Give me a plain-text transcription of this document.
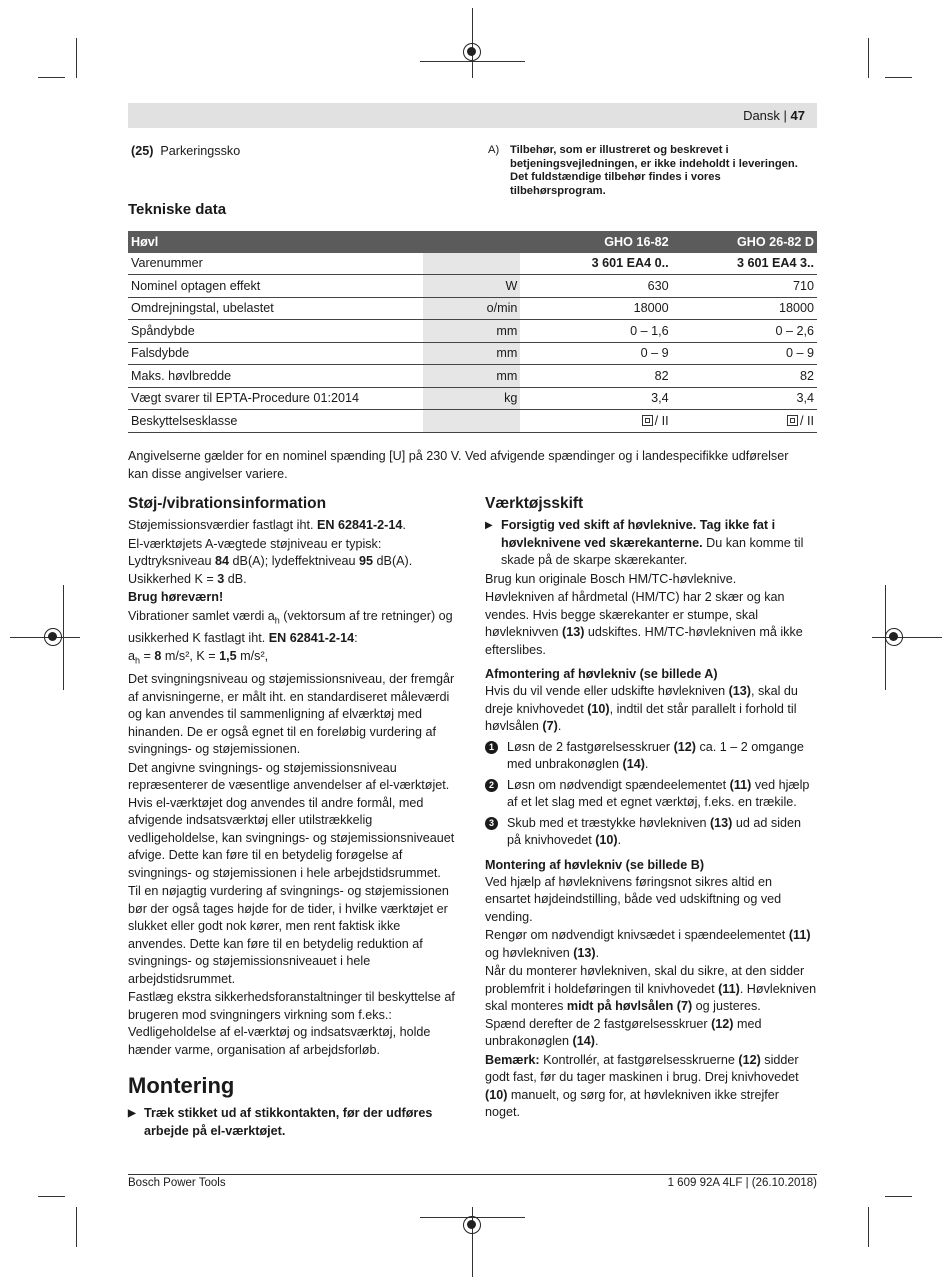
Dansk | 47
(25) Parkeringssko	A) Tilbehør, som er illustreret og beskrevet i betjeningsvejledningen, er ikke indeholdt i leveringen. Det fuldstændige tilbehør findes i vores tilbehørsprogram.
Tekniske data
Høvl		GHO 16-82	GHO 26-82 D
Varenummer		3 601 EA4 0..	3 601 EA4 3..
Nominel optagen effekt	W	630	710
Omdrejningstal, ubelastet	o/min	18000	18000
Spåndybde	mm	0 – 1,6	0 – 2,6
Falsdybde	mm	0 – 9	0 – 9
Maks. høvlbredde	mm	82	82
Vægt svarer til EPTA-Procedure 01:2014	kg	3,4	3,4
Beskyttelsesklasse		/ II	/ II
Angivelserne gælder for en nominel spænding [U] på 230 V. Ved afvigende spændinger og i landespecifikke udførelser kan disse angivelser variere.
Støj-/vibrationsinformation

Støjemissionsværdier fastlagt iht. EN 62841-2-14.

El-værktøjets A-vægtede støjniveau er typisk: Lydtryksniveau 84 dB(A); lydeffektniveau 95 dB(A). Usikkerhed K = 3 dB.

Brug høreværn!

Vibrationer samlet værdi $a_h$ (vektorsum af tre retninger) og usikkerhed K fastlagt iht. EN 62841-2-14:

$a_h = 8$ m/s², K = 1,5 m/s²,

Det svingningsniveau og støjemissionsniveau, der fremgår af anvisningerne, er målt iht. en standardiseret måleværdi og kan anvendes til sammenligning af elværktøj med hinanden. De er også egnet til en foreløbig vurdering af svingnings- og støjemissionen.

Det angivne svingnings- og støjemissionsniveau repræsenterer de væsentlige anvendelser af el-værktøjet. Hvis el-værktøjet dog anvendes til andre formål, med afvigende indsatsværktøj eller utilstrækkelig vedligeholdelse, kan svingnings- og støjemissionsniveauet afvige. Dette kan føre til en betydelig forøgelse af svingnings- og støjemissionen i hele arbejdstidsrummet.

Til en nøjagtig vurdering af svingnings- og støjemissionen bør der også tages højde for de tider, i hvilke værktøjet er slukket eller godt nok kører, men rent faktisk ikke anvendes. Dette kan føre til en betydelig reduktion af svingnings- og støjemissionsniveauet i hele arbejdstidsrummet.

Fastlæg ekstra sikkerhedsforanstaltninger til beskyttelse af brugeren mod svingningers virkning som f.eks.: Vedligeholdelse af el-værktøj og indsatsværktøj, holde hænder varme, organisation af arbejdsforløb.

Montering
▶ Træk stikket ud af stikkontakten, før der udføres arbejde på el-værktøjet.
Værktøjsskift
▶ Forsigtig ved skift af høvleknive. Tag ikke fat i høvleknivene ved skærekanterne. Du kan komme til skade på de skarpe skærekanter.

Brug kun originale Bosch HM/TC-høvleknive.

Høvlekniven af hårdmetal (HM/TC) har 2 skær og kan vendes. Hvis begge skærekanter er stumpe, skal høvleknivven (13) udskiftes. HM/TC-høvlekniven må ikke efterslibes.

Afmontering af høvlekniv (se billede A)

Hvis du vil vende eller udskifte høvlekniven (13), skal du dreje knivhovedet (10), indtil det står parallelt i forhold til høvlsålen (7).

1	Løsn de 2 fastgørelsesskruer (12) ca. 1 – 2 omgange med unbrakonøglen (14).
2	Løsn om nødvendigt spændeelementet (11) ved hjælp af et let slag med et egnet værktøj, f.eks. en trækile.
3	Skub med et træstykke høvlekniven (13) ud ad siden på knivhovedet (10).
Montering af høvlekniv (se billede B)

Ved hjælp af høvleknivens føringsnot sikres altid en ensartet højdeindstilling, både ved udskiftning og ved vending.

Rengør om nødvendigt knivsædet i spændeelementet (11) og høvlekniven (13).

Når du monterer høvlekniven, skal du sikre, at den sidder problemfrit i holdeføringen til knivhovedet (11). Høvlekniven skal monteres midt på høvlsålen (7) og justeres.

Spænd derefter de 2 fastgørelsesskruer (12) med unbrakonøglen (14).

Bemærk: Kontrollér, at fastgørelsesskruerne (12) sidder godt fast, før du tager maskinen i brug. Drej knivhovedet (10) manuelt, og sørg for, at høvlekniven ikke strejfer noget.

Bosch Power Tools	1 609 92A 4LF | (26.10.2018)
